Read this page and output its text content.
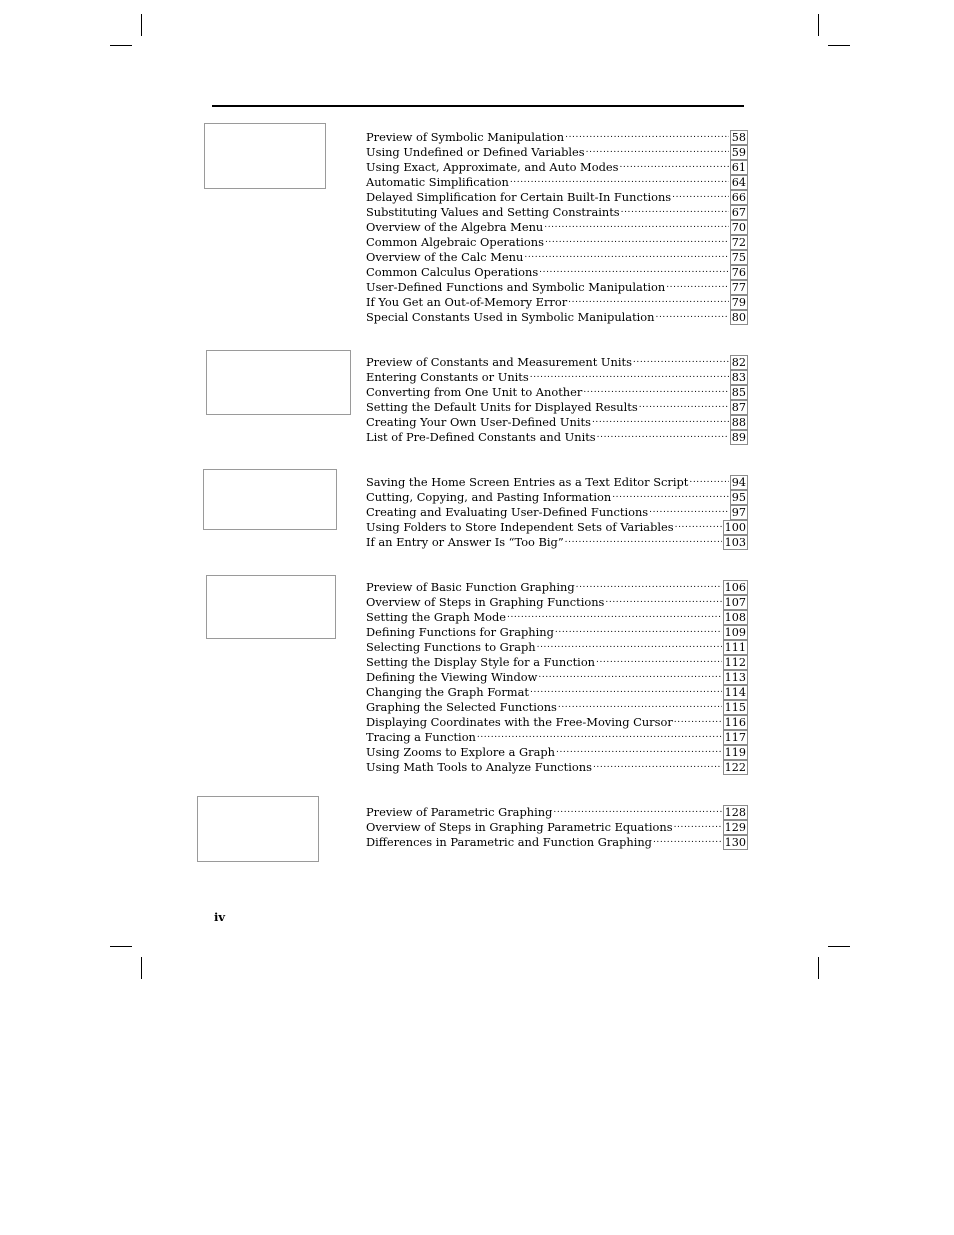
Preview of Symbolic Manipulation .....	58
Using Undefined or Defined Variables .....	59
Using Exact, Approximate, and Auto Modes .....	61
Automatic Simplification .....	64
Delayed Simplification for Certain Built-In Functions .....	66
Substituting Values and Setting Constraints .....	67
Overview of the Algebra Menu .....	70
Common Algebraic Operations .....	72
Overview of the Calc Menu .....	75
Common Calculus Operations .....	76
User-Defined Functions and Symbolic Manipulation .....	77
If You Get an Out-of-Memory Error .....	79
Special Constants Used in Symbolic Manipulation .....	80
Preview of Constants and Measurement Units .....	82
Entering Constants or Units .....	83
Converting from One Unit to Another .....	85
Setting the Default Units for Displayed Results .....	87
Creating Your Own User-Defined Units .....	88
List of Pre-Defined Constants and Units .....	89
Saving the Home Screen Entries as a Text Editor Script .....	94
Cutting, Copying, and Pasting Information .....	95
Creating and Evaluating User-Defined Functions .....	97
Using Folders to Store Independent Sets of Variables .....	100
If an Entry or Answer Is “Too Big” .....	103
Preview of Basic Function Graphing .....	106
Overview of Steps in Graphing Functions .....	107
Setting the Graph Mode .....	108
Defining Functions for Graphing .....	109
Selecting Functions to Graph .....	111
Setting the Display Style for a Function .....	112
Defining the Viewing Window .....	113
Changing the Graph Format .....	114
Graphing the Selected Functions .....	115
Displaying Coordinates with the Free-Moving Cursor .....	116
Tracing a Function .....	117
Using Zooms to Explore a Graph .....	119
Using Math Tools to Analyze Functions .....	122
Preview of Parametric Graphing .....	128
Overview of Steps in Graphing Parametric Equations .....	129
Differences in Parametric and Function Graphing .....	130
iv
